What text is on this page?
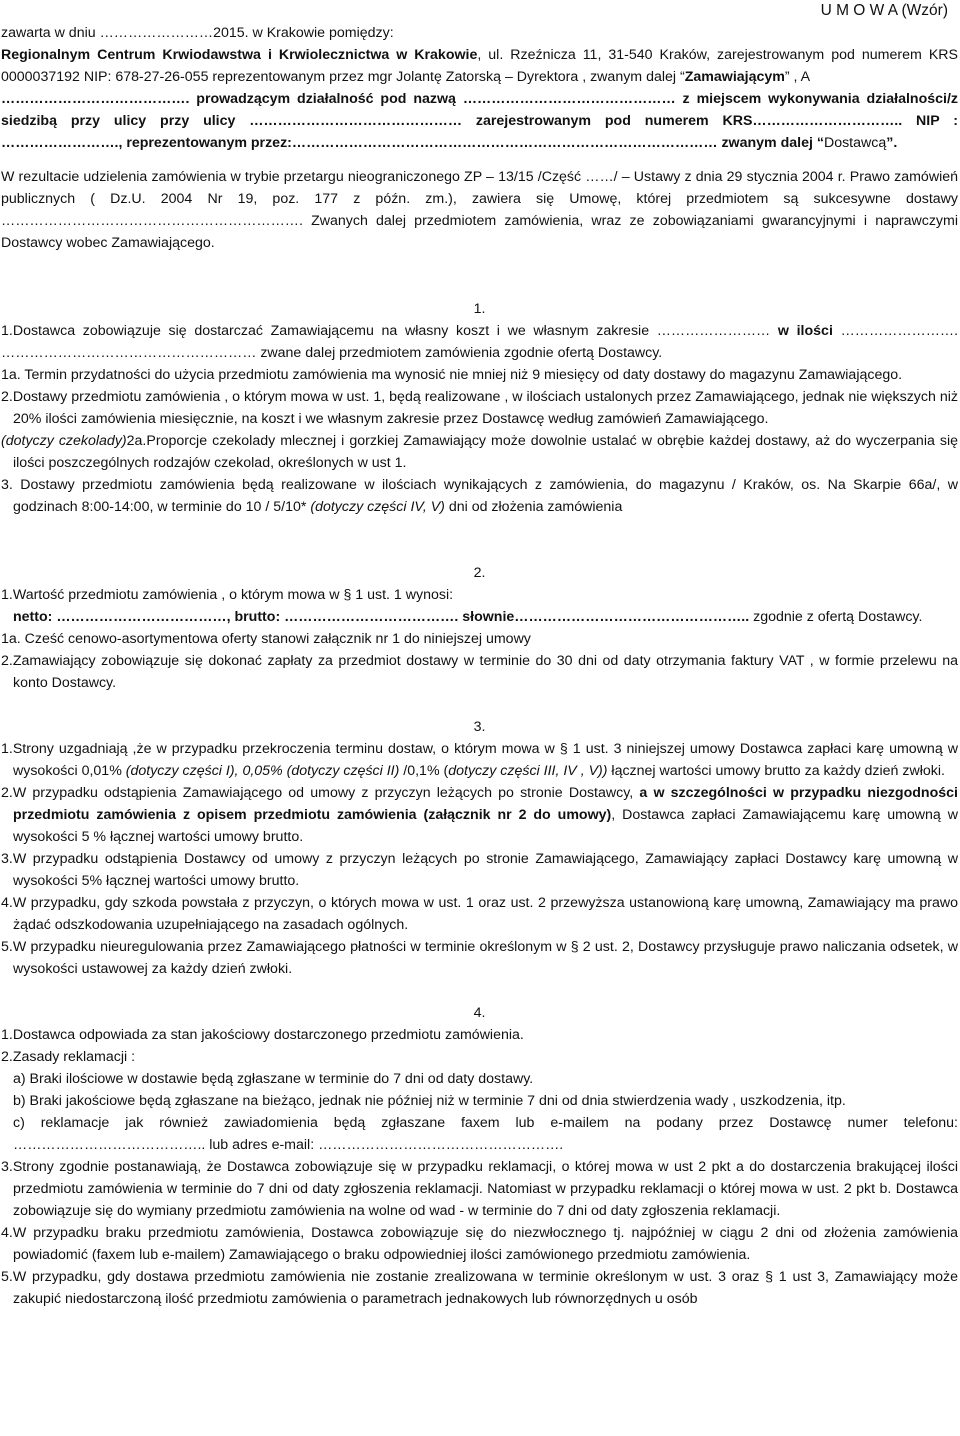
U M O W A (Wzór)

zawarta w dniu ……………………2015. w Krakowie pomiędzy:

Regionalnym Centrum Krwiodawstwa i Krwiolecznictwa w Krakowie, ul. Rzeźnicza 11, 31-540 Kraków, zarejestrowanym pod numerem KRS 0000037192 NIP: 678-27-26-055 reprezentowanym przez mgr Jolantę Zatorską – Dyrektora , zwanym dalej “Zamawiającym” , A

…………………………………. prowadzącym działalność pod nazwą ……………………………………… z miejscem wykonywania działalności/z siedzibą przy ulicy przy ulicy ……………………………………… zarejestrowanym pod numerem KRS………………………….. NIP : ……………………., reprezentowanym przez:……………………………………………………………………………… zwanym dalej “Dostawcą”.

W rezultacie udzielenia zamówienia w trybie przetargu nieograniczonego ZP – 13/15 /Część ……/ – Ustawy z dnia 29 stycznia 2004 r. Prawo zamówień publicznych ( Dz.U. 2004 Nr 19, poz. 177 z późn. zm.), zawiera się Umowę, której przedmiotem są sukcesywne dostawy ………………………………………………………. Zwanych dalej przedmiotem zamówienia, wraz ze zobowiązaniami gwarancyjnymi i naprawczymi Dostawcy wobec Zamawiającego.

1.

1.Dostawca zobowiązuje się dostarczać Zamawiającemu na własny koszt i we własnym zakresie …………………… w ilości ……………………. ……………………………………………… zwane dalej przedmiotem zamówienia zgodnie ofertą Dostawcy.

1a. Termin przydatności do użycia przedmiotu zamówienia ma wynosić nie mniej niż 9 miesięcy od daty dostawy do magazynu Zamawiającego.

2.Dostawy przedmiotu zamówienia , o którym mowa w ust. 1, będą realizowane , w ilościach ustalonych przez Zamawiającego, jednak nie większych niż 20% ilości zamówienia miesięcznie, na koszt i we własnym zakresie przez Dostawcę według zamówień Zamawiającego.

(dotyczy czekolady)2a.Proporcje czekolady mlecznej i gorzkiej Zamawiający może dowolnie ustalać w obrębie każdej dostawy, aż do wyczerpania się ilości poszczególnych rodzajów czekolad, określonych w ust 1.

3. Dostawy przedmiotu zamówienia będą realizowane w ilościach wynikających z zamówienia, do magazynu / Kraków, os. Na Skarpie 66a/, w godzinach 8:00-14:00, w terminie do 10 / 5/10* (dotyczy części IV, V) dni od złożenia zamówienia

2.

1.Wartość przedmiotu zamówienia , o którym mowa w § 1 ust. 1 wynosi:

netto: ………………………………, brutto: ………………………………. słownie………………………………………….. zgodnie z ofertą Dostawcy.

1a. Cześć cenowo-asortymentowa oferty stanowi załącznik nr 1 do niniejszej umowy

2.Zamawiający zobowiązuje się dokonać zapłaty za przedmiot dostawy w terminie do 30 dni od daty otrzymania faktury VAT , w formie przelewu na konto Dostawcy.

3.

1.Strony uzgadniają ,że w przypadku przekroczenia terminu dostaw, o którym mowa w § 1 ust. 3 niniejszej umowy Dostawca zapłaci karę umowną w wysokości 0,01% (dotyczy części I), 0,05% (dotyczy części II) /0,1% (dotyczy części III, IV , V)) łącznej wartości umowy brutto za każdy dzień zwłoki.

2.W przypadku odstąpienia Zamawiającego od umowy z przyczyn leżących po stronie Dostawcy, a w szczególności w przypadku niezgodności przedmiotu zamówienia z opisem przedmiotu zamówienia (załącznik nr 2 do umowy), Dostawca zapłaci Zamawiającemu karę umowną w wysokości 5 % łącznej wartości umowy brutto.

3.W przypadku odstąpienia Dostawcy od umowy z przyczyn leżących po stronie Zamawiającego, Zamawiający zapłaci Dostawcy karę umowną w wysokości 5% łącznej wartości umowy brutto.

4.W przypadku, gdy szkoda powstała z przyczyn, o których mowa w ust. 1 oraz ust. 2 przewyższa ustanowioną karę umowną, Zamawiający ma prawo żądać odszkodowania uzupełniającego na zasadach ogólnych.

5.W przypadku nieuregulowania przez Zamawiającego płatności w terminie określonym w § 2 ust. 2, Dostawcy przysługuje prawo naliczania odsetek, w wysokości ustawowej za każdy dzień zwłoki.

4.

1.Dostawca odpowiada za stan jakościowy dostarczonego przedmiotu zamówienia.

2.Zasady reklamacji :

a) Braki ilościowe w dostawie będą zgłaszane w terminie do 7 dni od daty dostawy.

b) Braki jakościowe będą zgłaszane na bieżąco, jednak nie później niż w terminie 7 dni od dnia stwierdzenia wady , uszkodzenia, itp.

c) reklamacje jak również zawiadomienia będą zgłaszane faxem lub e-mailem na podany przez Dostawcę numer telefonu: ………………………………….. lub adres e-mail: …………………………………………….

3.Strony zgodnie postanawiają, że Dostawca zobowiązuje się w przypadku reklamacji, o której mowa w ust 2 pkt a do dostarczenia brakującej ilości przedmiotu zamówienia w terminie do 7 dni od daty zgłoszenia reklamacji. Natomiast w przypadku reklamacji o której mowa w ust. 2 pkt b. Dostawca zobowiązuje się do wymiany przedmiotu zamówienia na wolne od wad - w terminie do 7 dni od daty zgłoszenia reklamacji.

4.W przypadku braku przedmiotu zamówienia, Dostawca zobowiązuje się do niezwłocznego tj. najpóźniej w ciągu 2 dni od złożenia zamówienia powiadomić (faxem lub e-mailem) Zamawiającego o braku odpowiedniej ilości zamówionego przedmiotu zamówienia.

5.W przypadku, gdy dostawa przedmiotu zamówienia nie zostanie zrealizowana w terminie określonym w ust. 3 oraz § 1 ust 3, Zamawiający może zakupić niedostarczoną ilość przedmiotu zamówienia o parametrach jednakowych lub równorzędnych u osób
